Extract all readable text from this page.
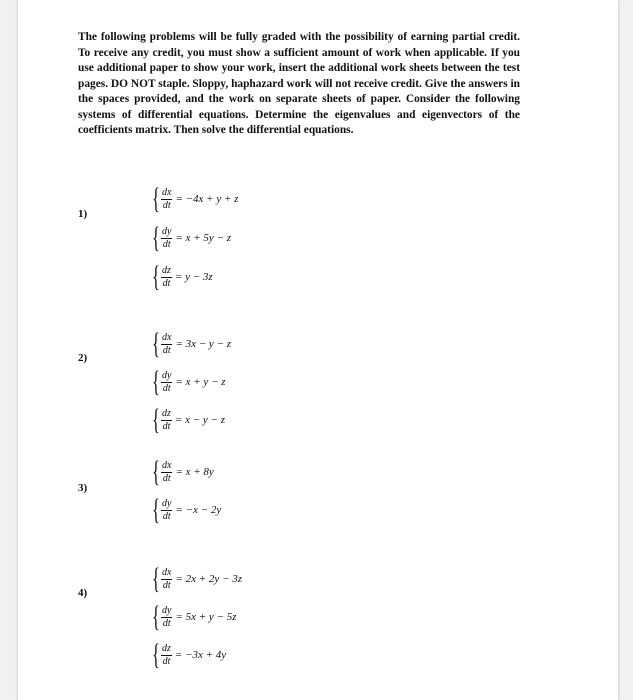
The following problems will be fully graded with the possibility of earning partial credit. To receive any credit, you must show a sufficient amount of work when applicable. If you use additional paper to show your work, insert the additional work sheets between the test pages. DO NOT staple. Sloppy, haphazard work will not receive credit. Give the answers in the spaces provided, and the work on separate sheets of paper. Consider the following systems of differential equations. Determine the eigenvalues and eigenvectors of the coefficients matrix. Then solve the differential equations.
1) { $\frac{dx}{dt} = -4x + y + z$
{ $\frac{dy}{dt} = x + 5y - z$
{ $\frac{dz}{dt} = y - 3z$
2) { $\frac{dx}{dt} = 3x - y - z$
{ $\frac{dy}{dt} = x + y - z$
{ $\frac{dz}{dt} = x - y - z$
3) { $\frac{dx}{dt} = x + 8y$
{ $\frac{dy}{dt} = -x - 2y$
4) { $\frac{dx}{dt} = 2x + 2y - 3z$
{ $\frac{dy}{dt} = 5x + y - 5z$
{ $\frac{dz}{dt} = -3x + 4y$
